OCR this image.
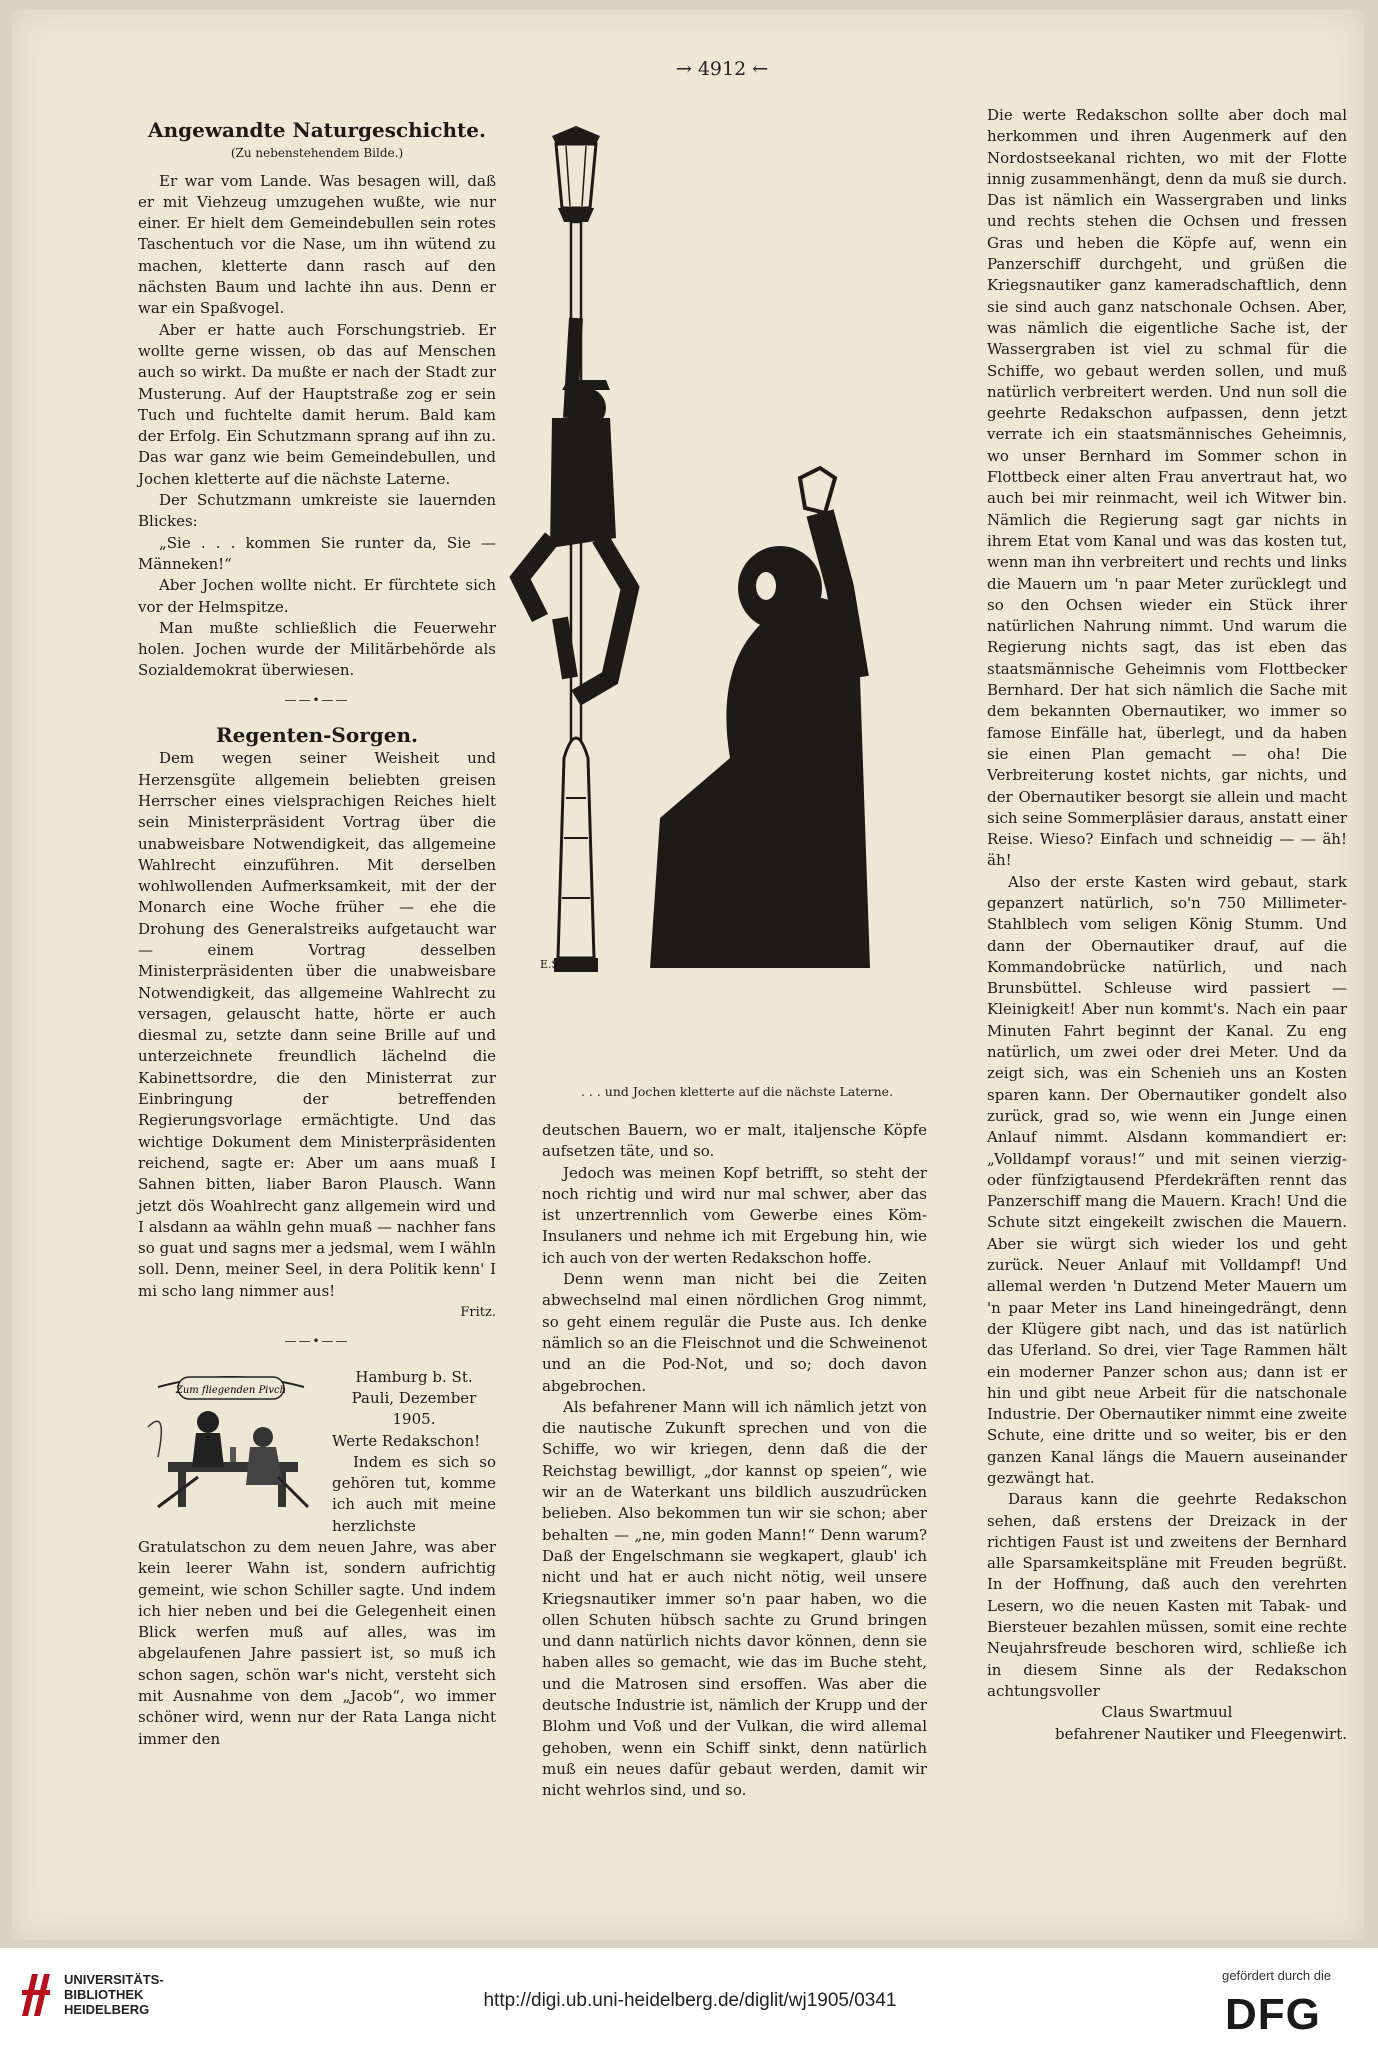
→ 4912 ←
Angewandte Naturgeschichte.
(Zu nebenstehendem Bilde.)

Er war vom Lande. Was besagen will, daß er mit Viehzeug umzugehen wußte, wie nur einer. Er hielt dem Gemeindebullen sein rotes Taschentuch vor die Nase, um ihn wütend zu machen, kletterte dann rasch auf den nächsten Baum und lachte ihn aus. Denn er war ein Spaßvogel.

Aber er hatte auch Forschungstrieb. Er wollte gerne wissen, ob das auf Menschen auch so wirkt. Da mußte er nach der Stadt zur Musterung. Auf der Hauptstraße zog er sein Tuch und fuchtelte damit herum. Bald kam der Erfolg. Ein Schutzmann sprang auf ihn zu. Das war ganz wie beim Gemeindebullen, und Jochen kletterte auf die nächste Laterne.

Der Schutzmann umkreiste sie lauernden Blickes:

„Sie . . . kommen Sie runter da, Sie — Männeken!“

Aber Jochen wollte nicht. Er fürchtete sich vor der Helmspitze.

Man mußte schließlich die Feuerwehr holen. Jochen wurde der Militärbehörde als Sozialdemokrat überwiesen.

——•——
Regenten-Sorgen.

Dem wegen seiner Weisheit und Herzensgüte allgemein beliebten greisen Herrscher eines vielsprachigen Reiches hielt sein Ministerpräsident Vortrag über die unabweisbare Notwendigkeit, das allgemeine Wahlrecht einzuführen. Mit derselben wohlwollenden Aufmerksamkeit, mit der der Monarch eine Woche früher — ehe die Drohung des Generalstreiks aufgetaucht war — einem Vortrag desselben Ministerpräsidenten über die unabweisbare Notwendigkeit, das allgemeine Wahlrecht zu versagen, gelauscht hatte, hörte er auch diesmal zu, setzte dann seine Brille auf und unterzeichnete freundlich lächelnd die Kabinettsordre, die den Ministerrat zur Einbringung der betreffenden Regierungsvorlage ermächtigte. Und das wichtige Dokument dem Ministerpräsidenten reichend, sagte er: Aber um aans muaß I Sahnen bitten, liaber Baron Plausch. Wann jetzt dös Woahlrecht ganz allgemein wird und I alsdann aa wähln gehn muaß — nachher fans so guat und sagns mer a jedsmal, wem I wähln soll. Denn, meiner Seel, in dera Politik kenn' I mi scho lang nimmer aus!

Fritz.
——•——
Zum fliegenden Pivch
Hamburg b. St. Pauli, Dezember 1905.

Werte Redakschon!

Indem es sich so gehören tut, komme ich auch mit meine herzlichste Gratulatschon zu dem neuen Jahre, was aber kein leerer Wahn ist, sondern aufrichtig gemeint, wie schon Schiller sagte. Und indem ich hier neben und bei die Gelegenheit einen Blick werfen muß auf alles, was im abgelaufenen Jahre passiert ist, so muß ich schon sagen, schön war's nicht, versteht sich mit Ausnahme von dem „Jacob“, wo immer schöner wird, wenn nur der Rata Langa nicht immer den

E.S.
. . . und Jochen kletterte auf die nächste Laterne.

deutschen Bauern, wo er malt, italjensche Köpfe aufsetzen täte, und so.

Jedoch was meinen Kopf betrifft, so steht der noch richtig und wird nur mal schwer, aber das ist unzertrennlich vom Gewerbe eines Köm-Insulaners und nehme ich mit Ergebung hin, wie ich auch von der werten Redakschon hoffe.

Denn wenn man nicht bei die Zeiten abwechselnd mal einen nördlichen Grog nimmt, so geht einem regulär die Puste aus. Ich denke nämlich so an die Fleischnot und die Schweinenot und an die Pod-Not, und so; doch davon abgebrochen.

Als befahrener Mann will ich nämlich jetzt von die nautische Zukunft sprechen und von die Schiffe, wo wir kriegen, denn daß die der Reichstag bewilligt, „dor kannst op speien“, wie wir an de Waterkant uns bildlich auszudrücken belieben. Also bekommen tun wir sie schon; aber behalten — „ne, min goden Mann!“ Denn warum? Daß der Engelschmann sie wegkapert, glaub' ich nicht und hat er auch nicht nötig, weil unsere Kriegsnautiker immer so'n paar haben, wo die ollen Schuten hübsch sachte zu Grund bringen und dann natürlich nichts davor können, denn sie haben alles so gemacht, wie das im Buche steht, und die Matrosen sind ersoffen. Was aber die deutsche Industrie ist, nämlich der Krupp und der Blohm und Voß und der Vulkan, die wird allemal gehoben, wenn ein Schiff sinkt, denn natürlich muß ein neues dafür gebaut werden, damit wir nicht wehrlos sind, und so.

Die werte Redakschon sollte aber doch mal herkommen und ihren Augenmerk auf den Nordostseekanal richten, wo mit der Flotte innig zusammenhängt, denn da muß sie durch. Das ist nämlich ein Wassergraben und links und rechts stehen die Ochsen und fressen Gras und heben die Köpfe auf, wenn ein Panzerschiff durchgeht, und grüßen die Kriegsnautiker ganz kameradschaftlich, denn sie sind auch ganz natschonale Ochsen. Aber, was nämlich die eigentliche Sache ist, der Wassergraben ist viel zu schmal für die Schiffe, wo gebaut werden sollen, und muß natürlich verbreitert werden. Und nun soll die geehrte Redakschon aufpassen, denn jetzt verrate ich ein staatsmännisches Geheimnis, wo unser Bernhard im Sommer schon in Flottbeck einer alten Frau anvertraut hat, wo auch bei mir reinmacht, weil ich Witwer bin. Nämlich die Regierung sagt gar nichts in ihrem Etat vom Kanal und was das kosten tut, wenn man ihn verbreitert und rechts und links die Mauern um 'n paar Meter zurücklegt und so den Ochsen wieder ein Stück ihrer natürlichen Nahrung nimmt. Und warum die Regierung nichts sagt, das ist eben das staatsmännische Geheimnis vom Flottbecker Bernhard. Der hat sich nämlich die Sache mit dem bekannten Obernautiker, wo immer so famose Einfälle hat, überlegt, und da haben sie einen Plan gemacht — oha! Die Verbreiterung kostet nichts, gar nichts, und der Obernautiker besorgt sie allein und macht sich seine Sommerpläsier daraus, anstatt einer Reise. Wieso? Einfach und schneidig — — äh! äh!

Also der erste Kasten wird gebaut, stark gepanzert natürlich, so'n 750 Millimeter-Stahlblech vom seligen König Stumm. Und dann der Obernautiker drauf, auf die Kommandobrücke natürlich, und nach Brunsbüttel. Schleuse wird passiert — Kleinigkeit! Aber nun kommt's. Nach ein paar Minuten Fahrt beginnt der Kanal. Zu eng natürlich, um zwei oder drei Meter. Und da zeigt sich, was ein Scheniеh uns an Kosten sparen kann. Der Obernautiker gondelt also zurück, grad so, wie wenn ein Junge einen Anlauf nimmt. Alsdann kommandiert er: „Volldampf voraus!“ und mit seinen vierzig- oder fünfzigtausend Pferdekräften rennt das Panzerschiff mang die Mauern. Krach! Und die Schute sitzt eingekeilt zwischen die Mauern. Aber sie würgt sich wieder los und geht zurück. Neuer Anlauf mit Volldampf! Und allemal werden 'n Dutzend Meter Mauern um 'n paar Meter ins Land hineingedrängt, denn der Klügere gibt nach, und das ist natürlich das Uferland. So drei, vier Tage Rammen hält ein moderner Panzer schon aus; dann ist er hin und gibt neue Arbeit für die natschonale Industrie. Der Obernautiker nimmt eine zweite Schute, eine dritte und so weiter, bis er den ganzen Kanal längs die Mauern auseinander gezwängt hat.

Daraus kann die geehrte Redakschon sehen, daß erstens der Dreizack in der richtigen Faust ist und zweitens der Bernhard alle Sparsamkeitspläne mit Freuden begrüßt. In der Hoffnung, daß auch den verehrten Lesern, wo die neuen Kasten mit Tabak- und Biersteuer bezahlen müssen, somit eine rechte Neujahrsfreude beschoren wird, schließe ich in diesem Sinne als der Redakschon achtungsvoller

Claus Swartmuul
befahrener Nautiker und Fleegenwirt.
UNIVERSITÄTS-
BIBLIOTHEK
HEIDELBERG	http://digi.ub.uni-heidelberg.de/diglit/wj1905/0341
gefördert durch die
DFG
